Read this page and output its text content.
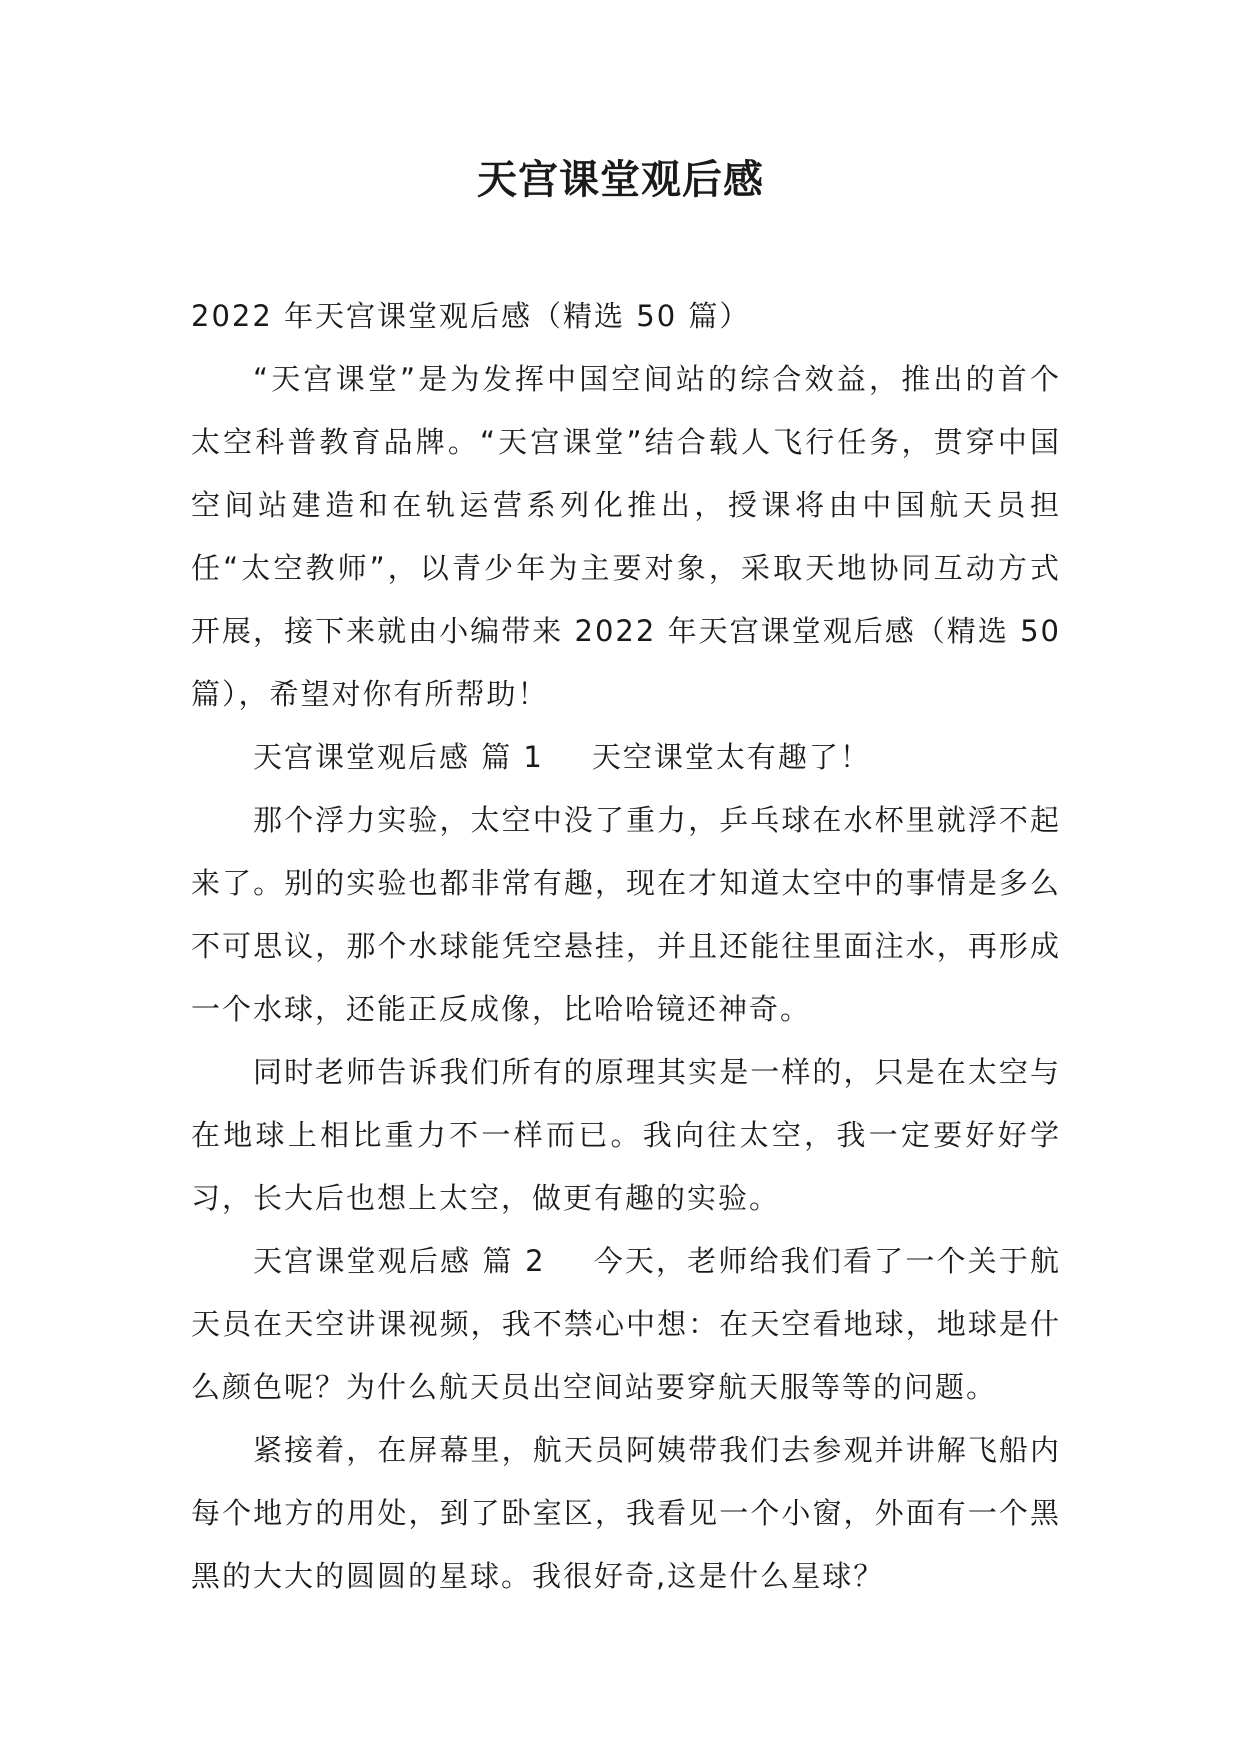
天宫课堂观后感

2022 年天宫课堂观后感（精选 50 篇）

“天宫课堂”是为发挥中国空间站的综合效益，推出的首个太空科普教育品牌。“天宫课堂”结合载人飞行任务，贯穿中国空间站建造和在轨运营系列化推出，授课将由中国航天员担任“太空教师”，以青少年为主要对象，采取天地协同互动方式开展，接下来就由小编带来 2022 年天宫课堂观后感（精选 50 篇），希望对你有所帮助！

天宫课堂观后感 篇 1 天空课堂太有趣了！

那个浮力实验，太空中没了重力，乒乓球在水杯里就浮不起来了。别的实验也都非常有趣，现在才知道太空中的事情是多么不可思议，那个水球能凭空悬挂，并且还能往里面注水，再形成一个水球，还能正反成像，比哈哈镜还神奇。

同时老师告诉我们所有的原理其实是一样的，只是在太空与在地球上相比重力不一样而已。我向往太空，我一定要好好学习，长大后也想上太空，做更有趣的实验。

天宫课堂观后感 篇 2 今天，老师给我们看了一个关于航天员在天空讲课视频，我不禁心中想：在天空看地球，地球是什么颜色呢？为什么航天员出空间站要穿航天服等等的问题。

紧接着，在屏幕里，航天员阿姨带我们去参观并讲解飞船内每个地方的用处，到了卧室区，我看见一个小窗，外面有一个黑黑的大大的圆圆的星球。我很好奇,这是什么星球？
